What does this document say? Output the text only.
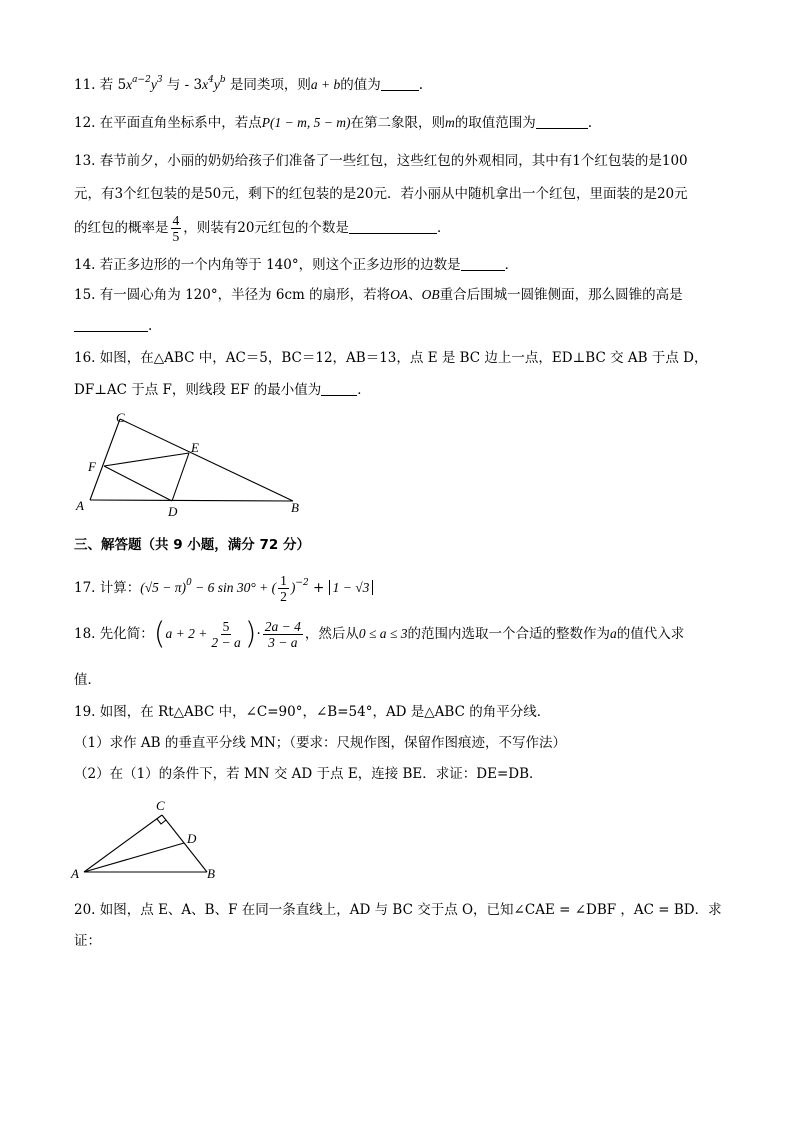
11. 若 $5x^{a-2}y^3$ 与 - $3x^4y^b$ 是同类项，则a + b的值为	.
12. 在平面直角坐标系中，若点P(1 − m, 5 − m)在第二象限，则m的取值范围为	.
13. 春节前夕，小丽的奶奶给孩子们准备了一些红包，这些红包的外观相同，其中有1个红包装的是100
元，有3个红包装的是50元，剩下的红包装的是20元．若小丽从中随机拿出一个红包，里面装的是20元
的红包的概率是 $\frac{4}{5}$ ，则装有20元红包的个数是	．
14. 若正多边形的一个内角等于 140°，则这个正多边形的边数是	．
15. 有一圆心角为 120°，半径为 6cm 的扇形，若将OA、OB重合后围城一圆锥侧面，那么圆锥的高是
.
16. 如图，在△ABC 中，AC＝5，BC＝12，AB＝13，点 E 是 BC 边上一点，ED⊥BC 交 AB 于点 D，
DF⊥AC 于点 F，则线段 EF 的最小值为	．
C
E
F
A	D	B
三、解答题（共 9 小题，满分 72 分）
17. 计算：$(√5 - \pi)^0 - 6$ sin 30° + ( $\frac{1}{2} )^{-2} + 1 - √3$
18. 先化简：($a + 2 + \frac{5}{2 - a}$ )· $\frac{2a - 4}{3 - a}$ ，然后从0 ≤ a ≤ 3的范围内选取一个合适的整数作为a的值代入求
值．
19. 如图，在 Rt△ABC 中，∠C=90°，∠B=54°，AD 是△ABC 的角平分线．
（1）求作 AB 的垂直平分线 MN；（要求：尺规作图，保留作图痕迹，不写作法）
（2）在（1）的条件下，若 MN 交 AD 于点 E，连接 BE．求证：DE=DB．
C
D
A	B
20. 如图，点 E、A、B、F 在同一条直线上，AD 与 BC 交于点 O，已知∠CAE = ∠DBF ，AC = BD．求
证：
